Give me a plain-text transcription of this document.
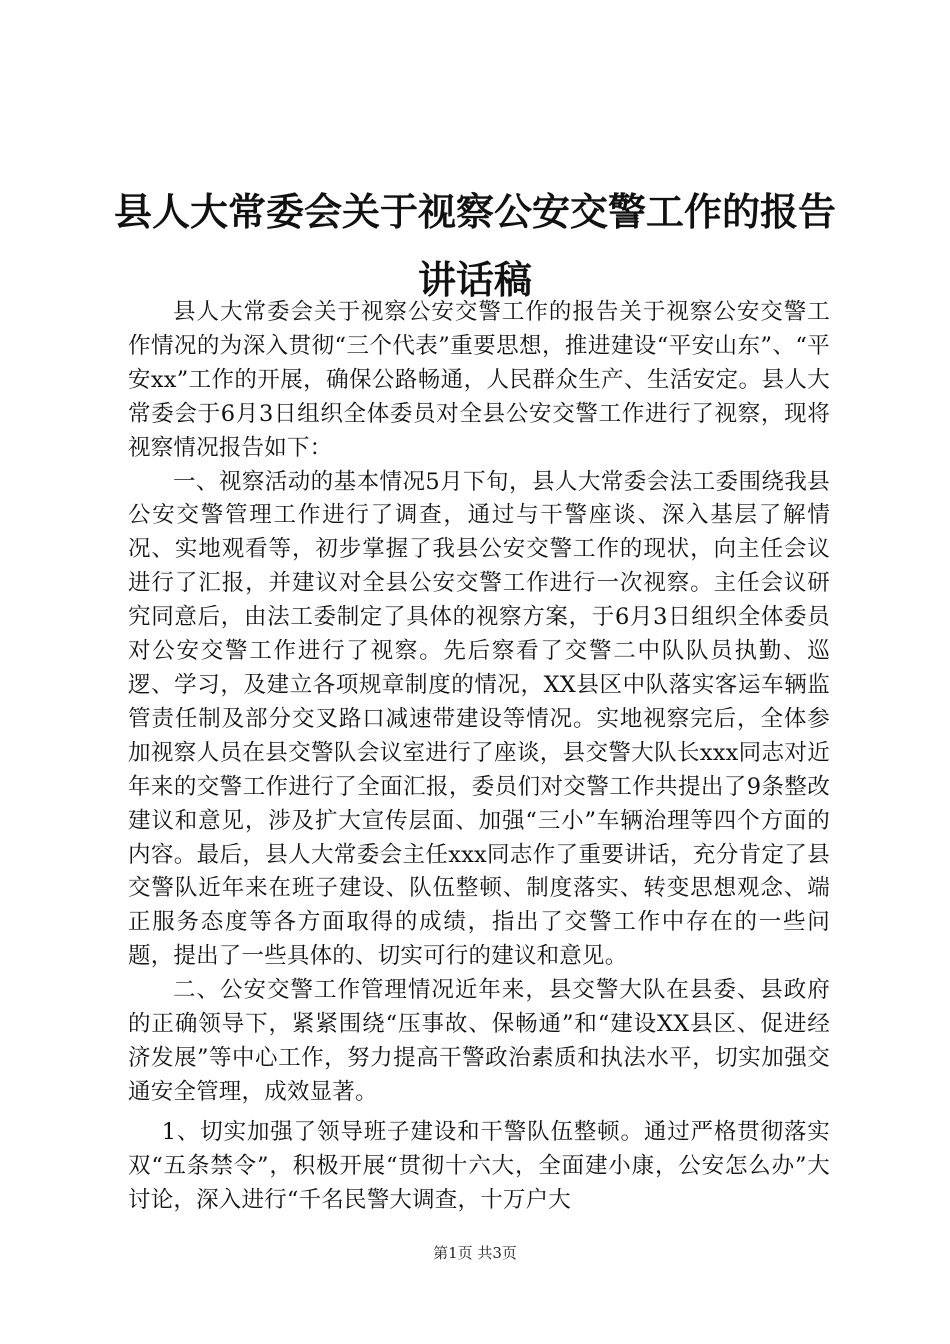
县人大常委会关于视察公安交警工作的报告讲话稿

县人大常委会关于视察公安交警工作的报告关于视察公安交警工作情况的为深入贯彻“三个代表”重要思想，推进建设“平安山东”、“平安xx”工作的开展，确保公路畅通，人民群众生产、生活安定。县人大常委会于6月3日组织全体委员对全县公安交警工作进行了视察，现将视察情况报告如下：

一、视察活动的基本情况5月下旬，县人大常委会法工委围绕我县公安交警管理工作进行了调查，通过与干警座谈、深入基层了解情况、实地观看等，初步掌握了我县公安交警工作的现状，向主任会议进行了汇报，并建议对全县公安交警工作进行一次视察。主任会议研究同意后，由法工委制定了具体的视察方案，于6月3日组织全体委员对公安交警工作进行了视察。先后察看了交警二中队队员执勤、巡逻、学习，及建立各项规章制度的情况，XX县区中队落实客运车辆监管责任制及部分交叉路口减速带建设等情况。实地视察完后，全体参加视察人员在县交警队会议室进行了座谈，县交警大队长xxx同志对近年来的交警工作进行了全面汇报，委员们对交警工作共提出了9条整改建议和意见，涉及扩大宣传层面、加强“三小”车辆治理等四个方面的内容。最后，县人大常委会主任xxx同志作了重要讲话，充分肯定了县交警队近年来在班子建设、队伍整顿、制度落实、转变思想观念、端正服务态度等各方面取得的成绩，指出了交警工作中存在的一些问题，提出了一些具体的、切实可行的建议和意见。

二、公安交警工作管理情况近年来，县交警大队在县委、县政府的正确领导下，紧紧围绕“压事故、保畅通”和“建设XX县区、促进经济发展”等中心工作，努力提高干警政治素质和执法水平，切实加强交通安全管理，成效显著。

1、切实加强了领导班子建设和干警队伍整顿。通过严格贯彻落实双“五条禁令”，积极开展“贯彻十六大，全面建小康，公安怎么办”大讨论，深入进行“千名民警大调查，十万户大

第1页 共3页
